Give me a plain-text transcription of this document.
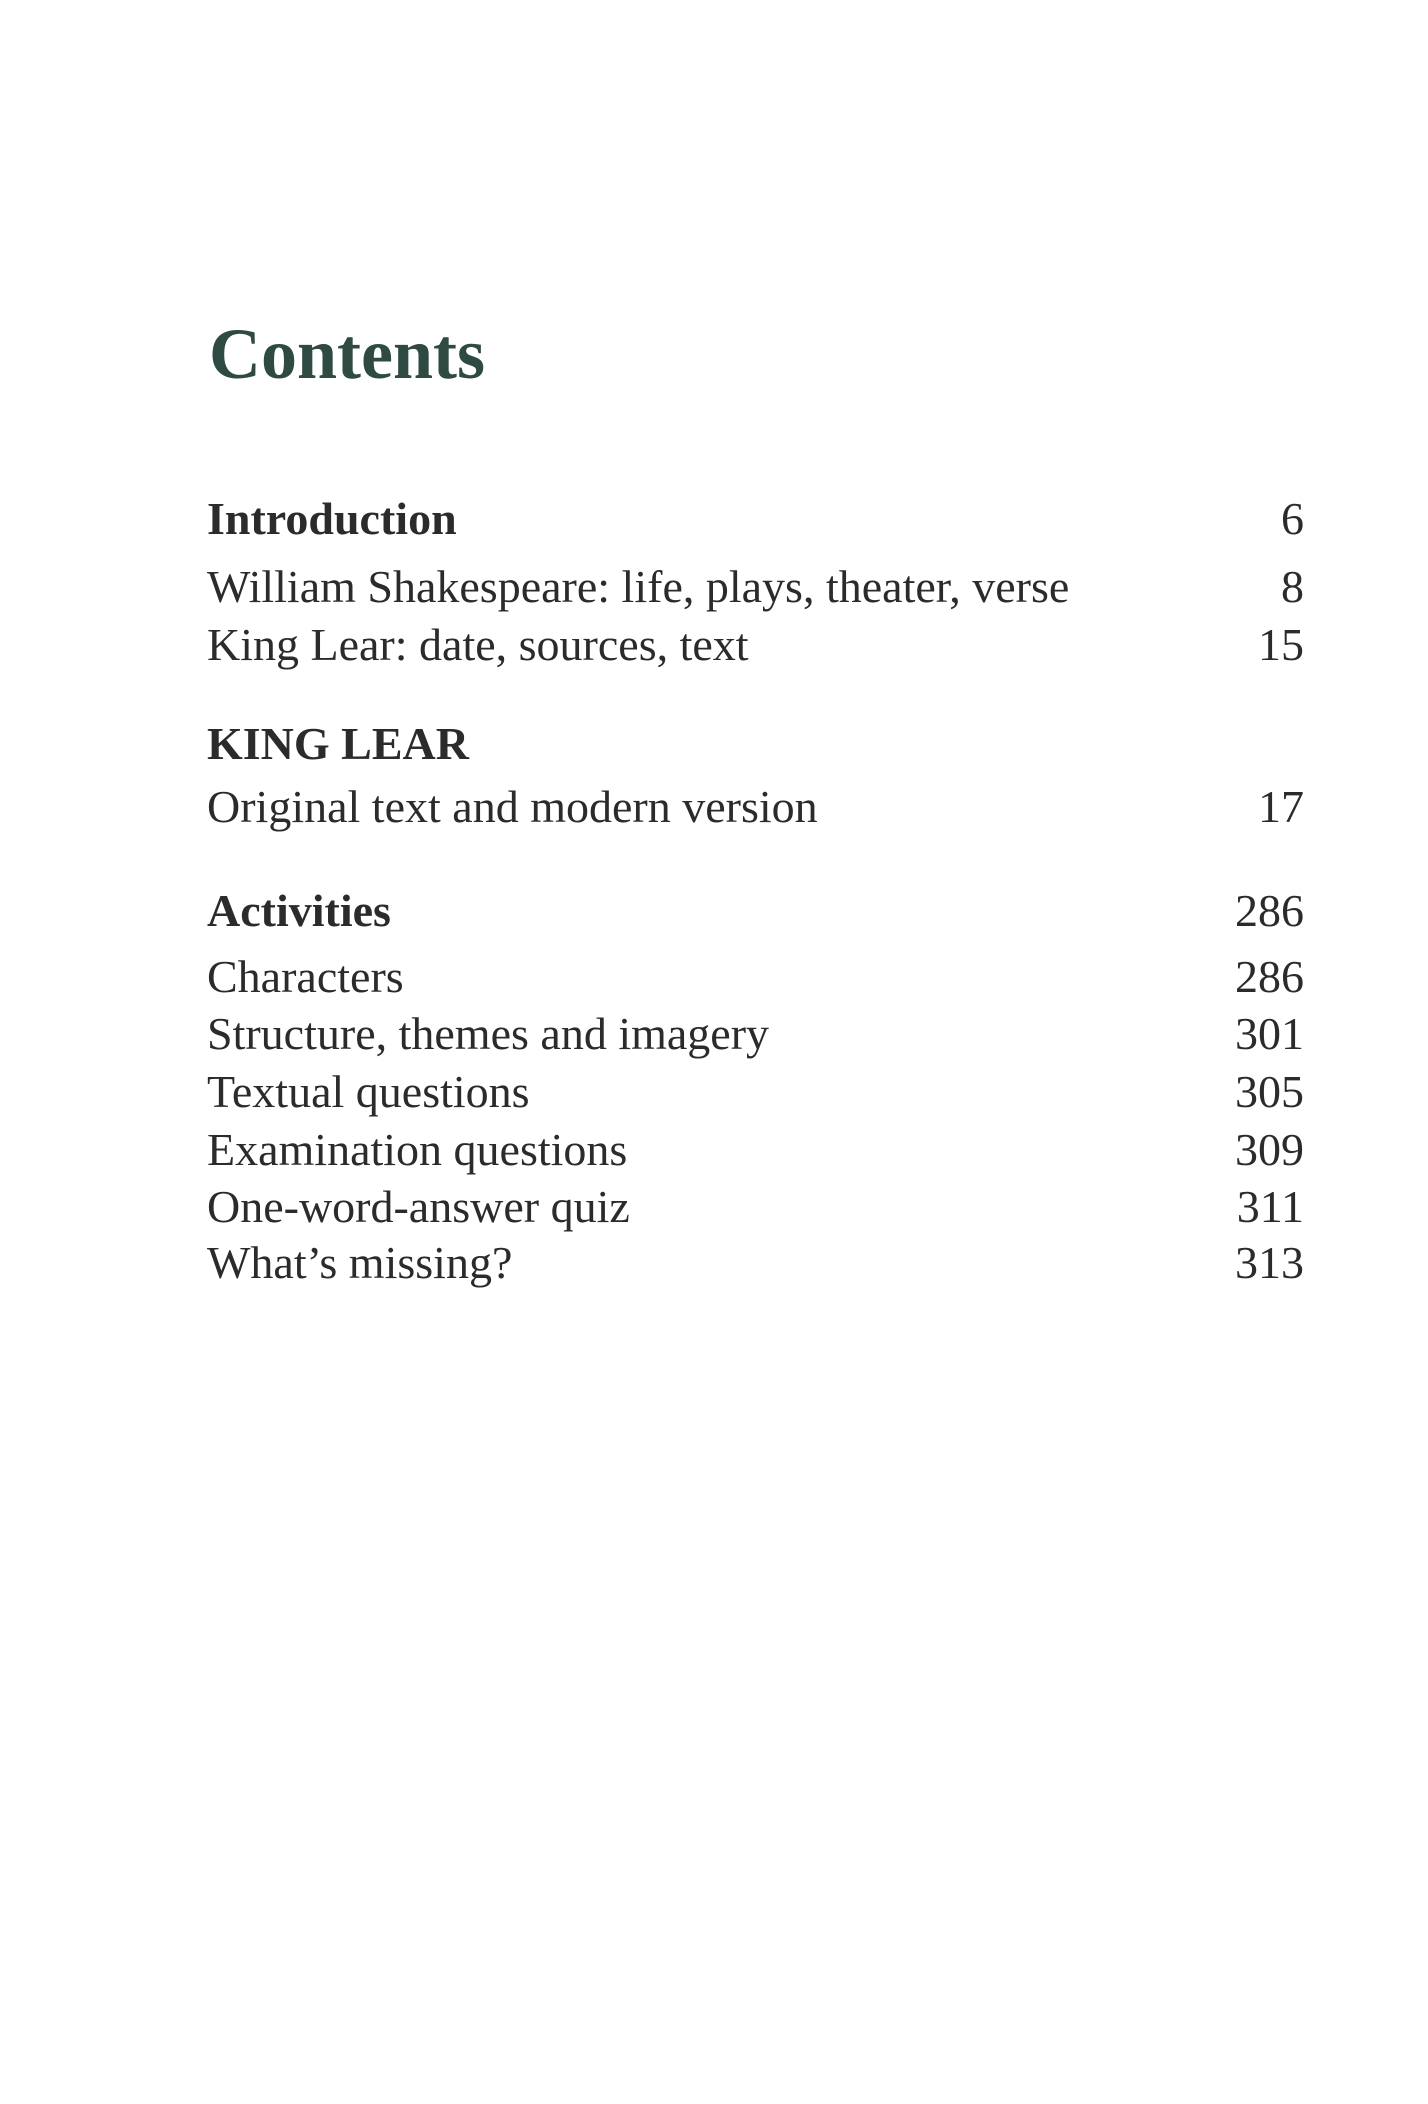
Contents
Introduction	6
William Shakespeare: life, plays, theater, verse	8
King Lear: date, sources, text	15
KING LEAR
Original text and modern version	17
Activities	286
Characters	286
Structure, themes and imagery	301
Textual questions	305
Examination questions	309
One-word-answer quiz	311
What’s missing?	313
